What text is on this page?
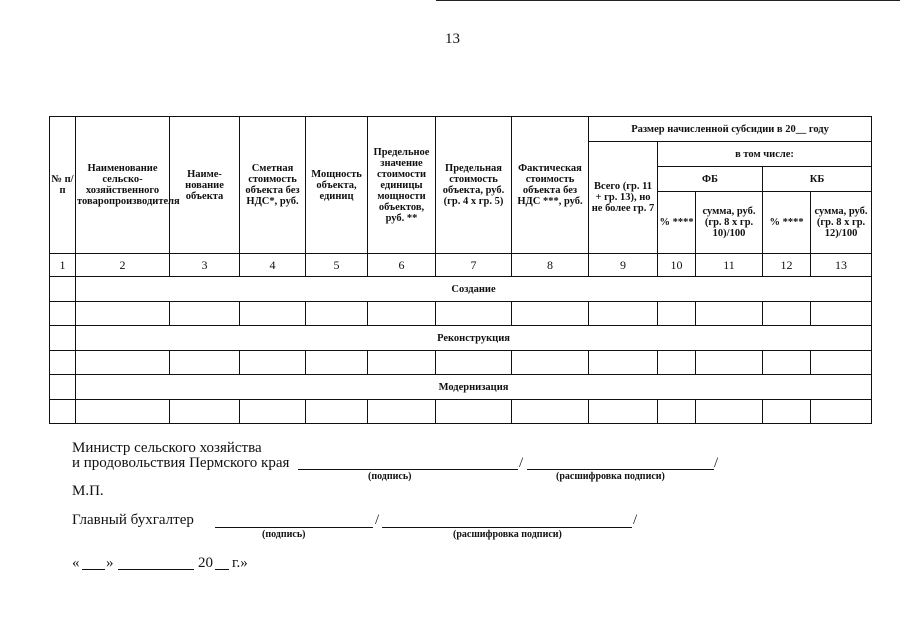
13
№ п/п	Наименование сельско-хозяйственного товаропроизводителя	Наиме-нование объекта	Сметная стоимость объекта без НДС*, руб.	Мощность объекта, единиц	Предельное значение стоимости единицы мощности объектов, руб. **	Предельная стоимость объекта, руб. (гр. 4 х гр. 5)	Фактическая стоимость объекта без НДС ***, руб.	Размер начисленной субсидии в 20__ году				
								Всего (гр. 11 + гр. 13), но не более гр. 7	в том числе:			
									ФБ		КБ	
									% ****	сумма, руб. (гр. 8 х гр. 10)/100	% ****	сумма, руб. (гр. 8 х гр. 12)/100
1	2	3	4	5	6	7	8	9	10	11	12	13
	Создание											

	Реконструкция											

	Модернизация											

Министр сельского хозяйства
и продовольствия Пермского края	/	/
(подпись)	(расшифровка подписи)
М.П.
Главный бухгалтер	/	/
(подпись)	(расшифровка подписи)
« »	20 г.»
